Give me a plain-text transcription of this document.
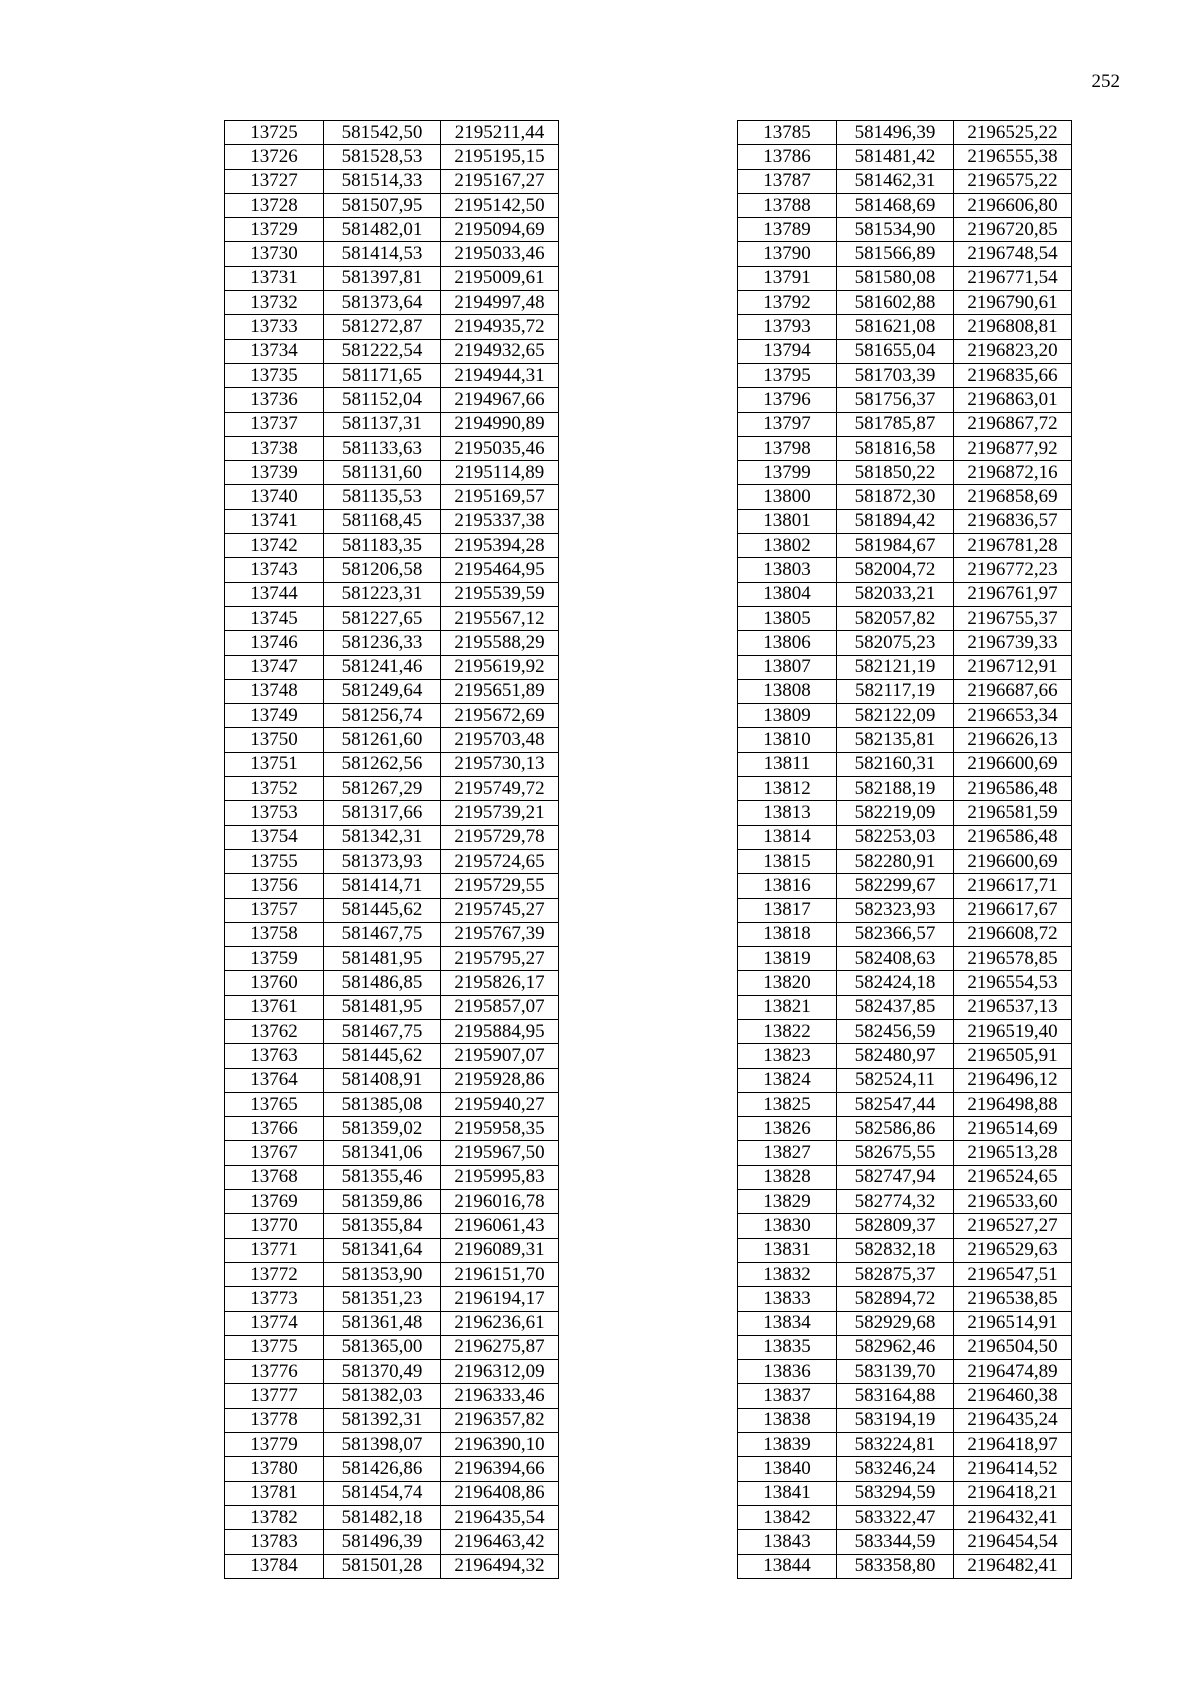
252
13725	581542,50	2195211,44
13726	581528,53	2195195,15
13727	581514,33	2195167,27
13728	581507,95	2195142,50
13729	581482,01	2195094,69
13730	581414,53	2195033,46
13731	581397,81	2195009,61
13732	581373,64	2194997,48
13733	581272,87	2194935,72
13734	581222,54	2194932,65
13735	581171,65	2194944,31
13736	581152,04	2194967,66
13737	581137,31	2194990,89
13738	581133,63	2195035,46
13739	581131,60	2195114,89
13740	581135,53	2195169,57
13741	581168,45	2195337,38
13742	581183,35	2195394,28
13743	581206,58	2195464,95
13744	581223,31	2195539,59
13745	581227,65	2195567,12
13746	581236,33	2195588,29
13747	581241,46	2195619,92
13748	581249,64	2195651,89
13749	581256,74	2195672,69
13750	581261,60	2195703,48
13751	581262,56	2195730,13
13752	581267,29	2195749,72
13753	581317,66	2195739,21
13754	581342,31	2195729,78
13755	581373,93	2195724,65
13756	581414,71	2195729,55
13757	581445,62	2195745,27
13758	581467,75	2195767,39
13759	581481,95	2195795,27
13760	581486,85	2195826,17
13761	581481,95	2195857,07
13762	581467,75	2195884,95
13763	581445,62	2195907,07
13764	581408,91	2195928,86
13765	581385,08	2195940,27
13766	581359,02	2195958,35
13767	581341,06	2195967,50
13768	581355,46	2195995,83
13769	581359,86	2196016,78
13770	581355,84	2196061,43
13771	581341,64	2196089,31
13772	581353,90	2196151,70
13773	581351,23	2196194,17
13774	581361,48	2196236,61
13775	581365,00	2196275,87
13776	581370,49	2196312,09
13777	581382,03	2196333,46
13778	581392,31	2196357,82
13779	581398,07	2196390,10
13780	581426,86	2196394,66
13781	581454,74	2196408,86
13782	581482,18	2196435,54
13783	581496,39	2196463,42
13784	581501,28	2196494,32
13785	581496,39	2196525,22
13786	581481,42	2196555,38
13787	581462,31	2196575,22
13788	581468,69	2196606,80
13789	581534,90	2196720,85
13790	581566,89	2196748,54
13791	581580,08	2196771,54
13792	581602,88	2196790,61
13793	581621,08	2196808,81
13794	581655,04	2196823,20
13795	581703,39	2196835,66
13796	581756,37	2196863,01
13797	581785,87	2196867,72
13798	581816,58	2196877,92
13799	581850,22	2196872,16
13800	581872,30	2196858,69
13801	581894,42	2196836,57
13802	581984,67	2196781,28
13803	582004,72	2196772,23
13804	582033,21	2196761,97
13805	582057,82	2196755,37
13806	582075,23	2196739,33
13807	582121,19	2196712,91
13808	582117,19	2196687,66
13809	582122,09	2196653,34
13810	582135,81	2196626,13
13811	582160,31	2196600,69
13812	582188,19	2196586,48
13813	582219,09	2196581,59
13814	582253,03	2196586,48
13815	582280,91	2196600,69
13816	582299,67	2196617,71
13817	582323,93	2196617,67
13818	582366,57	2196608,72
13819	582408,63	2196578,85
13820	582424,18	2196554,53
13821	582437,85	2196537,13
13822	582456,59	2196519,40
13823	582480,97	2196505,91
13824	582524,11	2196496,12
13825	582547,44	2196498,88
13826	582586,86	2196514,69
13827	582675,55	2196513,28
13828	582747,94	2196524,65
13829	582774,32	2196533,60
13830	582809,37	2196527,27
13831	582832,18	2196529,63
13832	582875,37	2196547,51
13833	582894,72	2196538,85
13834	582929,68	2196514,91
13835	582962,46	2196504,50
13836	583139,70	2196474,89
13837	583164,88	2196460,38
13838	583194,19	2196435,24
13839	583224,81	2196418,97
13840	583246,24	2196414,52
13841	583294,59	2196418,21
13842	583322,47	2196432,41
13843	583344,59	2196454,54
13844	583358,80	2196482,41
